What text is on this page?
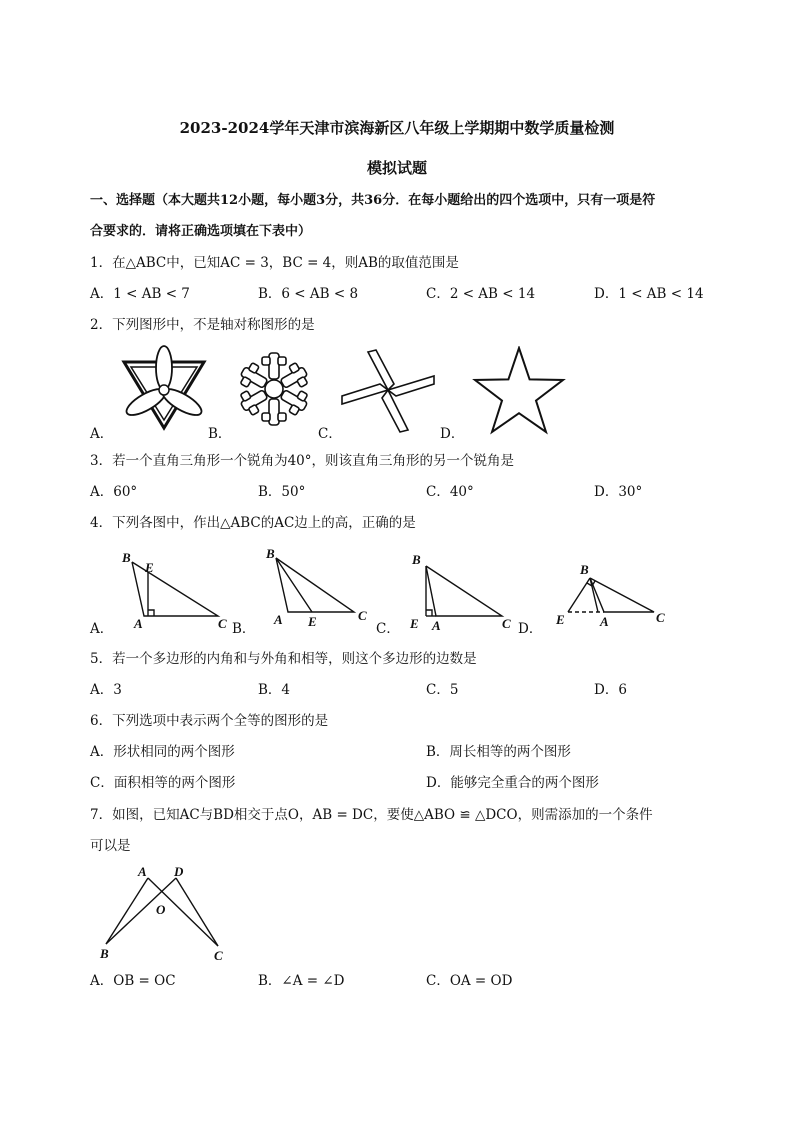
2023-2024学年天津市滨海新区八年级上学期期中数学质量检测
模拟试题
一、选择题（本大题共12小题，每小题3分，共36分．在每小题给出的四个选项中，只有一项是符
合要求的．请将正确选项填在下表中）
1．在△ABC中，已知AC = 3，BC = 4，则AB的取值范围是
A．1 < AB < 7	B．6 < AB < 8	C．2 < AB < 14	D．1 < AB < 14
2．下列图形中，不是轴对称图形的是
A．	B．	C．	D．
3．若一个直角三角形一个锐角为40°，则该直角三角形的另一个锐角是
A．60°	B．50°	C．40°	D．30°
4．下列各图中，作出△ABC的AC边上的高，正确的是
A．
B
E
A	C B．
B
A E	C
C．
B
E A	C D．
B
E	A	C
5．若一个多边形的内角和与外角和相等，则这个多边形的边数是
A．3	B．4	C．5	D．6
6．下列选项中表示两个全等的图形的是
A．形状相同的两个图形	B．周长相等的两个图形
C．面积相等的两个图形	D．能够完全重合的两个图形
7．如图，已知AC与BD相交于点O，AB = DC，要使△ABO ≌ △DCO，则需添加的一个条件
可以是
A D
O
B	C
A．OB = OC	B．∠A = ∠D	C．OA = OD
